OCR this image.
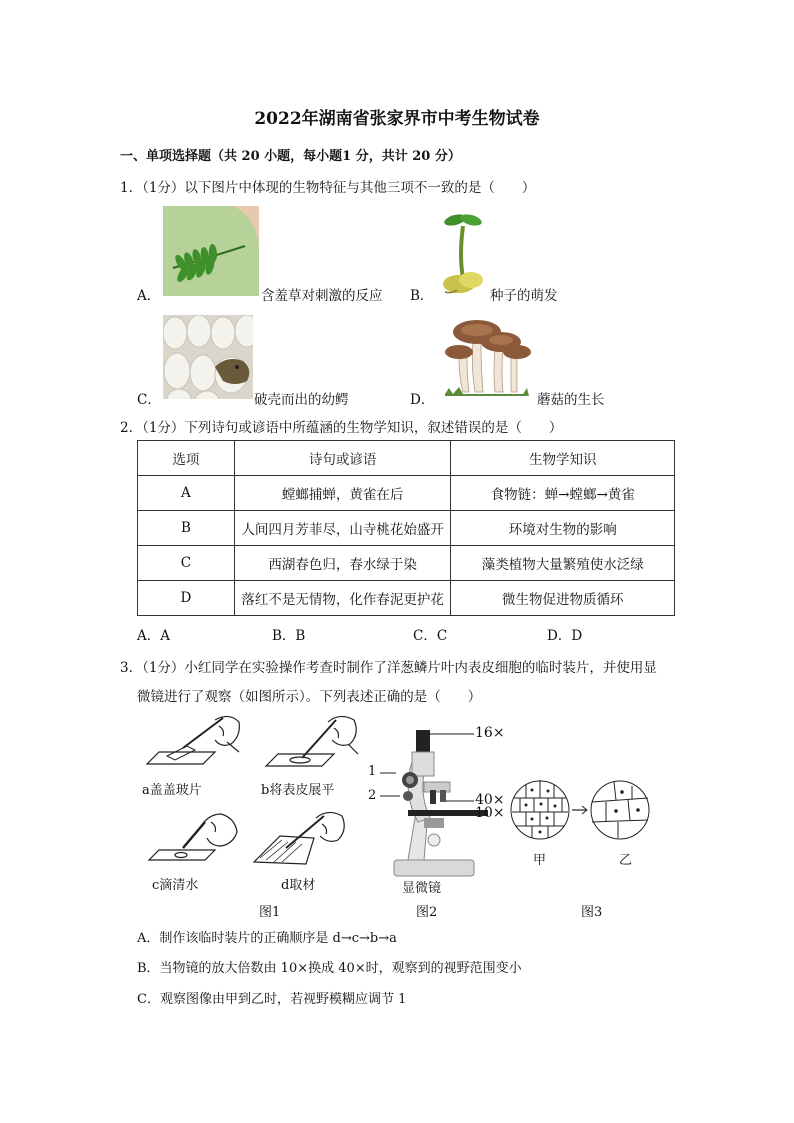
2022年湖南省张家界市中考生物试卷
一、单项选择题（共 20 小题，每小题1 分，共计 20 分）
1．（1分）以下图片中体现的生物特征与其他三项不一致的是（　　）
A．	含羞草对刺激的反应 B．	种子的萌发
C．	破壳而出的幼鳄	D．	蘑菇的生长
2．（1分）下列诗句或谚语中所蕴涵的生物学知识，叙述错误的是（　　）
选项	诗句或谚语	生物学知识
A	螳螂捕蝉，黄雀在后	食物链：蝉→螳螂→黄雀
B	人间四月芳菲尽，山寺桃花始盛开	环境对生物的影响
C	西湖春色归，春水绿于染	藻类植物大量繁殖使水泛绿
D	落红不是无情物，化作春泥更护花	微生物促进物质循环
A．A	B．B	C．C	D．D
3．（1分）小红同学在实验操作考查时制作了洋葱鳞片叶内表皮细胞的临时装片，并使用显
微镜进行了观察（如图所示）。下列表述正确的是（　　）
a盖盖玻片	b将表皮展平
c滴清水	d取材
16×
1
2	40×
10×
显微镜
甲	乙
图1	图2	图3
A．制作该临时装片的正确顺序是 d→c→b→a
B．当物镜的放大倍数由 10×换成 40×时，观察到的视野范围变小
C．观察图像由甲到乙时，若视野模糊应调节 1
